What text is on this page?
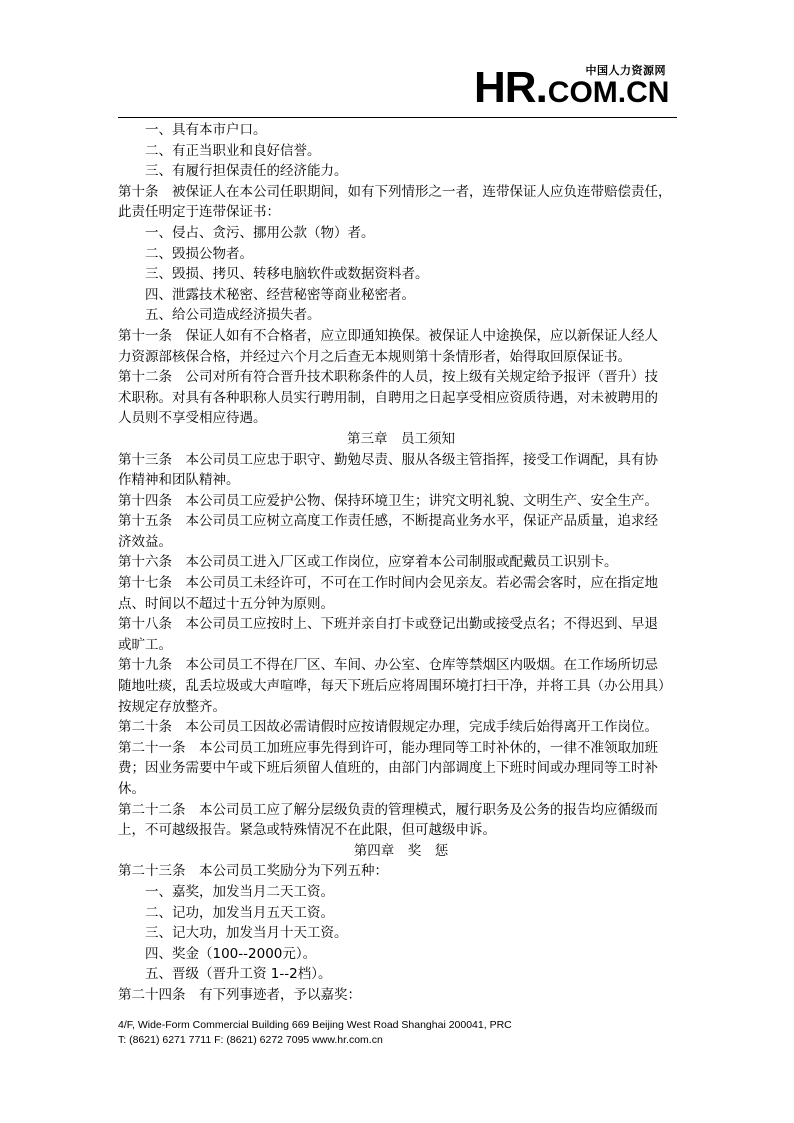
中国人力资源网
HR.COM.CN
一、具有本市户口。
二、有正当职业和良好信誉。
三、有履行担保责任的经济能力。
第十条　被保证人在本公司任职期间，如有下列情形之一者，连带保证人应负连带赔偿责任，
此责任明定于连带保证书：
一、侵占、贪污、挪用公款（物）者。
二、毁损公物者。
三、毁损、拷贝、转移电脑软件或数据资料者。
四、泄露技术秘密、经营秘密等商业秘密者。
五、给公司造成经济损失者。
第十一条　保证人如有不合格者，应立即通知换保。被保证人中途换保，应以新保证人经人
力资源部核保合格，并经过六个月之后查无本规则第十条情形者，始得取回原保证书。
第十二条　公司对所有符合晋升技术职称条件的人员，按上级有关规定给予报评（晋升）技
术职称。对具有各种职称人员实行聘用制，自聘用之日起享受相应资质待遇，对未被聘用的
人员则不享受相应待遇。
第三章　员工须知
第十三条　本公司员工应忠于职守、勤勉尽责、服从各级主管指挥，接受工作调配，具有协
作精神和团队精神。
第十四条　本公司员工应爱护公物、保持环境卫生；讲究文明礼貌、文明生产、安全生产。
第十五条　本公司员工应树立高度工作责任感，不断提高业务水平，保证产品质量，追求经
济效益。
第十六条　本公司员工进入厂区或工作岗位，应穿着本公司制服或配戴员工识别卡。
第十七条　本公司员工未经许可，不可在工作时间内会见亲友。若必需会客时，应在指定地
点、时间以不超过十五分钟为原则。
第十八条　本公司员工应按时上、下班并亲自打卡或登记出勤或接受点名；不得迟到、早退
或旷工。
第十九条　本公司员工不得在厂区、车间、办公室、仓库等禁烟区内吸烟。在工作场所切忌
随地吐痰，乱丢垃圾或大声喧哗，每天下班后应将周围环境打扫干净，并将工具（办公用具）
按规定存放整齐。
第二十条　本公司员工因故必需请假时应按请假规定办理，完成手续后始得离开工作岗位。
第二十一条　本公司员工加班应事先得到许可，能办理同等工时补休的，一律不准领取加班
费；因业务需要中午或下班后须留人值班的，由部门内部调度上下班时间或办理同等工时补
休。
第二十二条　本公司员工应了解分层级负责的管理模式，履行职务及公务的报告均应循级而
上，不可越级报告。紧急或特殊情况不在此限，但可越级申诉。
第四章　奖　惩
第二十三条　本公司员工奖励分为下列五种：
一、嘉奖，加发当月二天工资。
二、记功，加发当月五天工资。
三、记大功，加发当月十天工资。
四、奖金（100--2000元）。
五、晋级（晋升工资 1--2档）。
第二十四条　有下列事迹者，予以嘉奖：
4/F, Wide-Form Commercial Building 669 Beijing West Road Shanghai 200041, PRC
T: (8621) 6271 7711 F: (8621) 6272 7095 www.hr.com.cn
